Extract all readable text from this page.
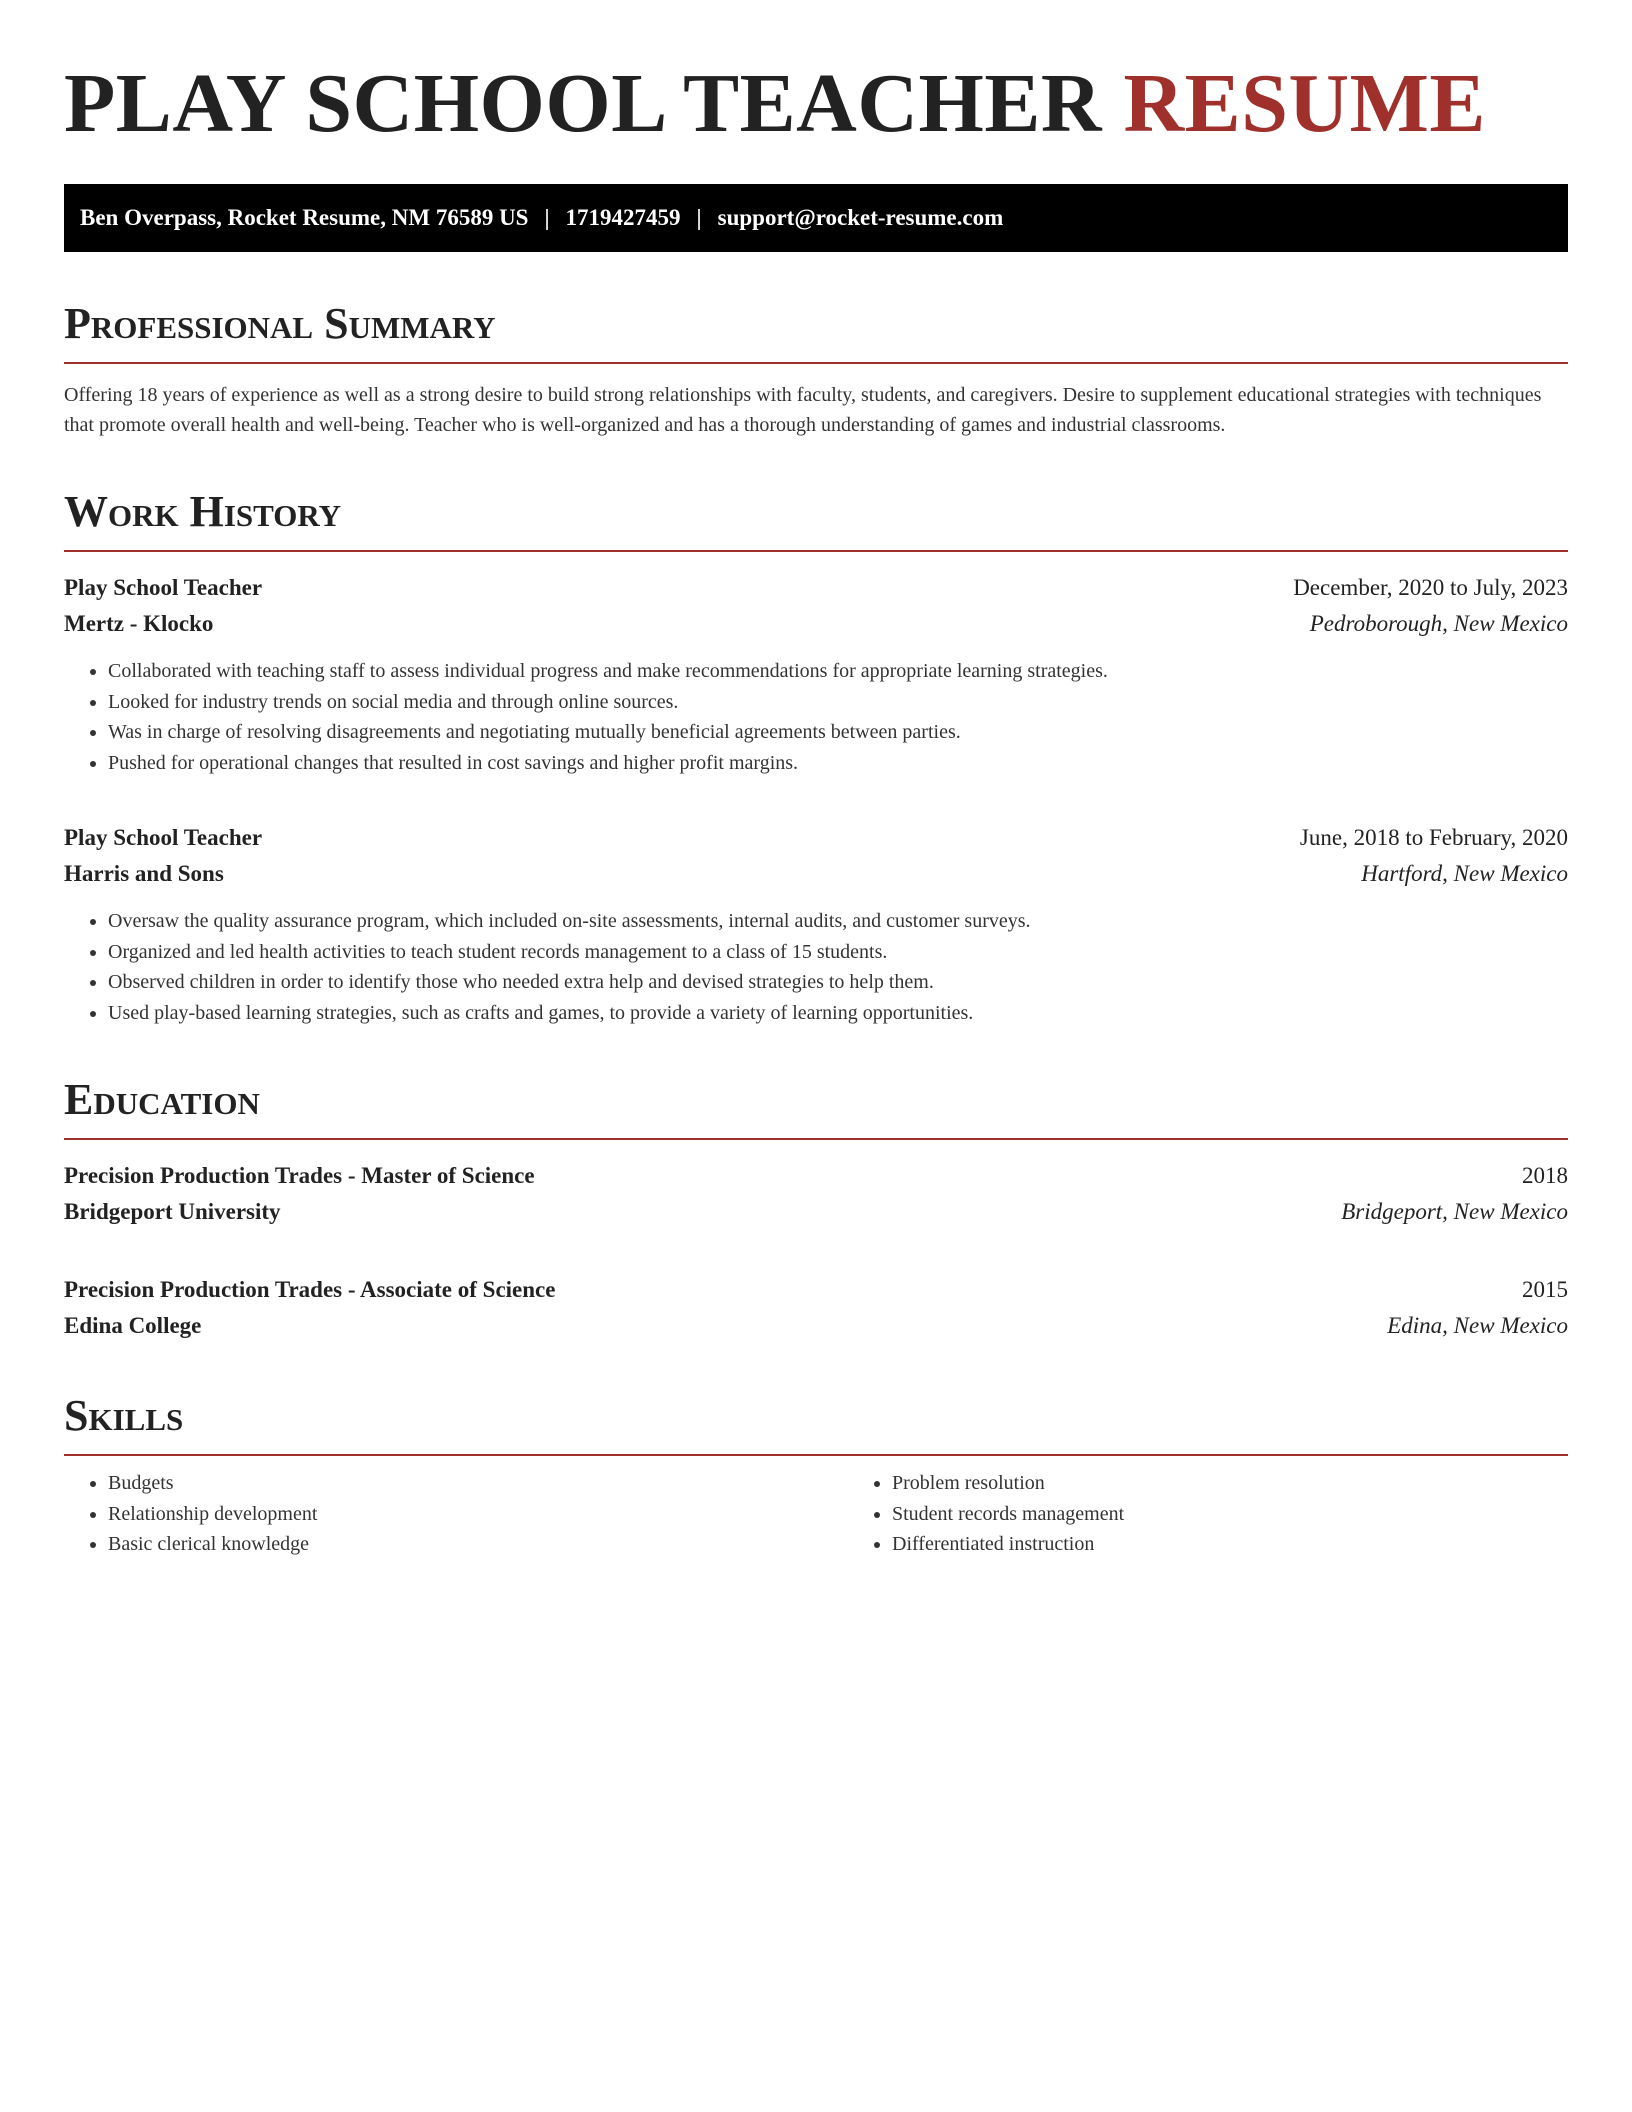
PLAY SCHOOL TEACHER RESUME
Ben Overpass, Rocket Resume, NM 76589 US | 1719427459 | support@rocket-resume.com
Professional Summary

Offering 18 years of experience as well as a strong desire to build strong relationships with faculty, students, and caregivers. Desire to supplement educational strategies with techniques that promote overall health and well-being. Teacher who is well-organized and has a thorough understanding of games and industrial classrooms.

Work History
Play School Teacher	December, 2020 to July, 2023
Mertz - Klocko	Pedroborough, New Mexico
• Collaborated with teaching staff to assess individual progress and make recommendations for appropriate learning strategies.
• Looked for industry trends on social media and through online sources.
• Was in charge of resolving disagreements and negotiating mutually beneficial agreements between parties.
• Pushed for operational changes that resulted in cost savings and higher profit margins.
Play School Teacher	June, 2018 to February, 2020
Harris and Sons	Hartford, New Mexico
• Oversaw the quality assurance program, which included on-site assessments, internal audits, and customer surveys.
• Organized and led health activities to teach student records management to a class of 15 students.
• Observed children in order to identify those who needed extra help and devised strategies to help them.
• Used play-based learning strategies, such as crafts and games, to provide a variety of learning opportunities.
Education
Precision Production Trades - Master of Science	2018
Bridgeport University	Bridgeport, New Mexico
Precision Production Trades - Associate of Science	2015
Edina College	Edina, New Mexico
Skills
• Budgets
• Relationship development
• Basic clerical knowledge
• Problem resolution
• Student records management
• Differentiated instruction
